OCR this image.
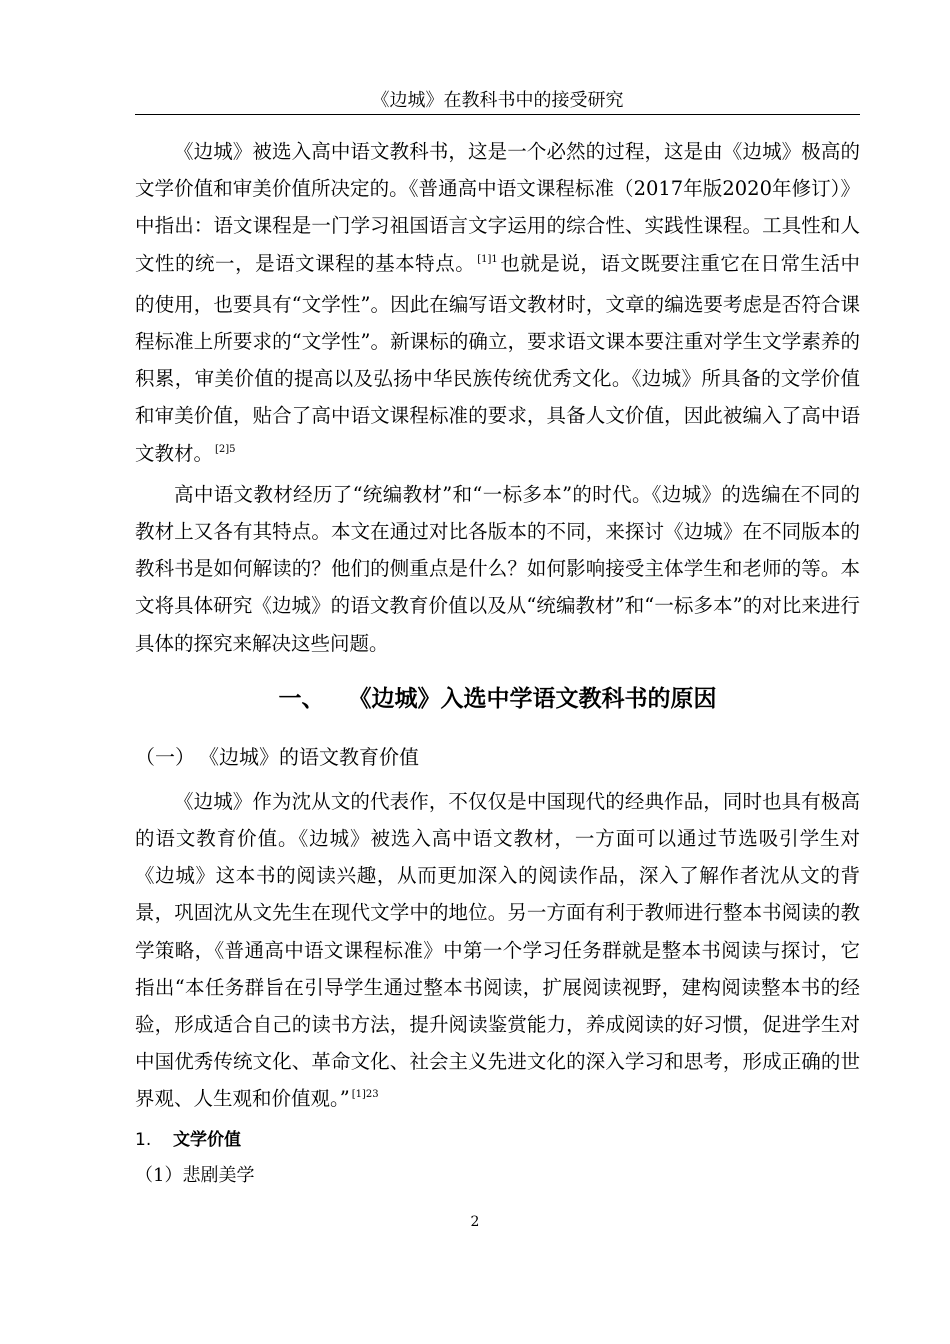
《边城》在教科书中的接受研究

《边城》被选入高中语文教科书，这是一个必然的过程，这是由《边城》极高的文学价值和审美价值所决定的。《普通高中语文课程标准（2017年版2020年修订）》中指出：语文课程是一门学习祖国语言文字运用的综合性、实践性课程。工具性和人文性的统一，是语文课程的基本特点。 $^{[1]1}$ 也就是说，语文既要注重它在日常生活中的使用，也要具有“文学性”。因此在编写语文教材时，文章的编选要考虑是否符合课程标准上所要求的“文学性”。新课标的确立，要求语文课本要注重对学生文学素养的积累，审美价值的提高以及弘扬中华民族传统优秀文化。《边城》所具备的文学价值和审美价值，贴合了高中语文课程标准的要求，具备人文价值，因此被编入了高中语文教材。 $^{[2]5}$

高中语文教材经历了“统编教材”和“一标多本”的时代。《边城》的选编在不同的教材上又各有其特点。本文在通过对比各版本的不同，来探讨《边城》在不同版本的教科书是如何解读的？他们的侧重点是什么？如何影响接受主体学生和老师的等。本文将具体研究《边城》的语文教育价值以及从“统编教材”和“一标多本”的对比来进行具体的探究来解决这些问题。

一、 《边城》入选中学语文教科书的原因
（一） 《边城》的语文教育价值

《边城》作为沈从文的代表作，不仅仅是中国现代的经典作品，同时也具有极高的语文教育价值。《边城》被选入高中语文教材，一方面可以通过节选吸引学生对《边城》这本书的阅读兴趣，从而更加深入的阅读作品，深入了解作者沈从文的背景，巩固沈从文先生在现代文学中的地位。另一方面有利于教师进行整本书阅读的教学策略，《普通高中语文课程标准》中第一个学习任务群就是整本书阅读与探讨，它指出“本任务群旨在引导学生通过整本书阅读，扩展阅读视野，建构阅读整本书的经验，形成适合自己的读书方法，提升阅读鉴赏能力，养成阅读的好习惯，促进学生对中国优秀传统文化、革命文化、社会主义先进文化的深入学习和思考，形成正确的世界观、人生观和价值观。” $^{[1]23}$

1. 文学价值
（1）悲剧美学
2
